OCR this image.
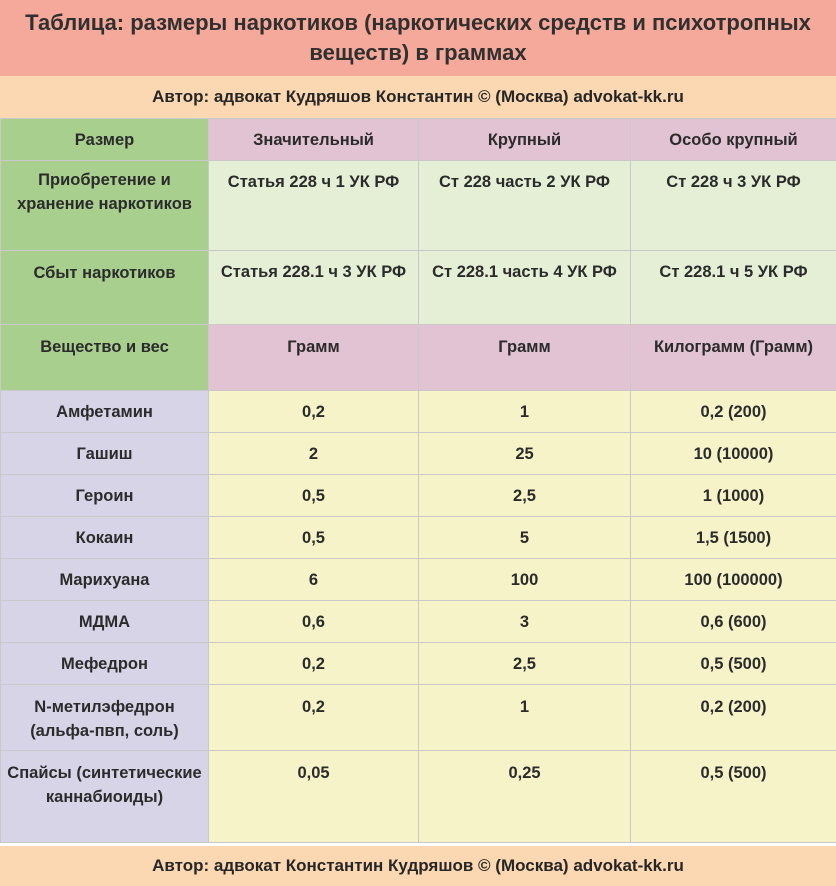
Таблица: размеры наркотиков (наркотических средств и психотропных веществ) в граммах
Автор: адвокат Кудряшов Константин © (Москва) advokat-kk.ru
Размер	Значительный	Крупный	Особо крупный
Приобретение и хранение наркотиков	Статья 228 ч 1 УК РФ	Ст 228 часть 2 УК РФ	Ст 228 ч 3 УК РФ
Сбыт наркотиков	Статья 228.1 ч 3 УК РФ	Ст 228.1 часть 4 УК РФ	Ст 228.1 ч 5 УК РФ
Вещество и вес	Грамм	Грамм	Килограмм (Грамм)
Амфетамин	0,2	1	0,2 (200)
Гашиш	2	25	10 (10000)
Героин	0,5	2,5	1 (1000)
Кокаин	0,5	5	1,5 (1500)
Марихуана	6	100	100 (100000)
МДМА	0,6	3	0,6 (600)
Мефедрон	0,2	2,5	0,5 (500)
N-метилэфедрон (альфа-пвп, соль)	0,2	1	0,2 (200)
Спайсы (синтетические каннабиоиды)	0,05	0,25	0,5 (500)
Автор: адвокат Константин Кудряшов © (Москва) advokat-kk.ru
